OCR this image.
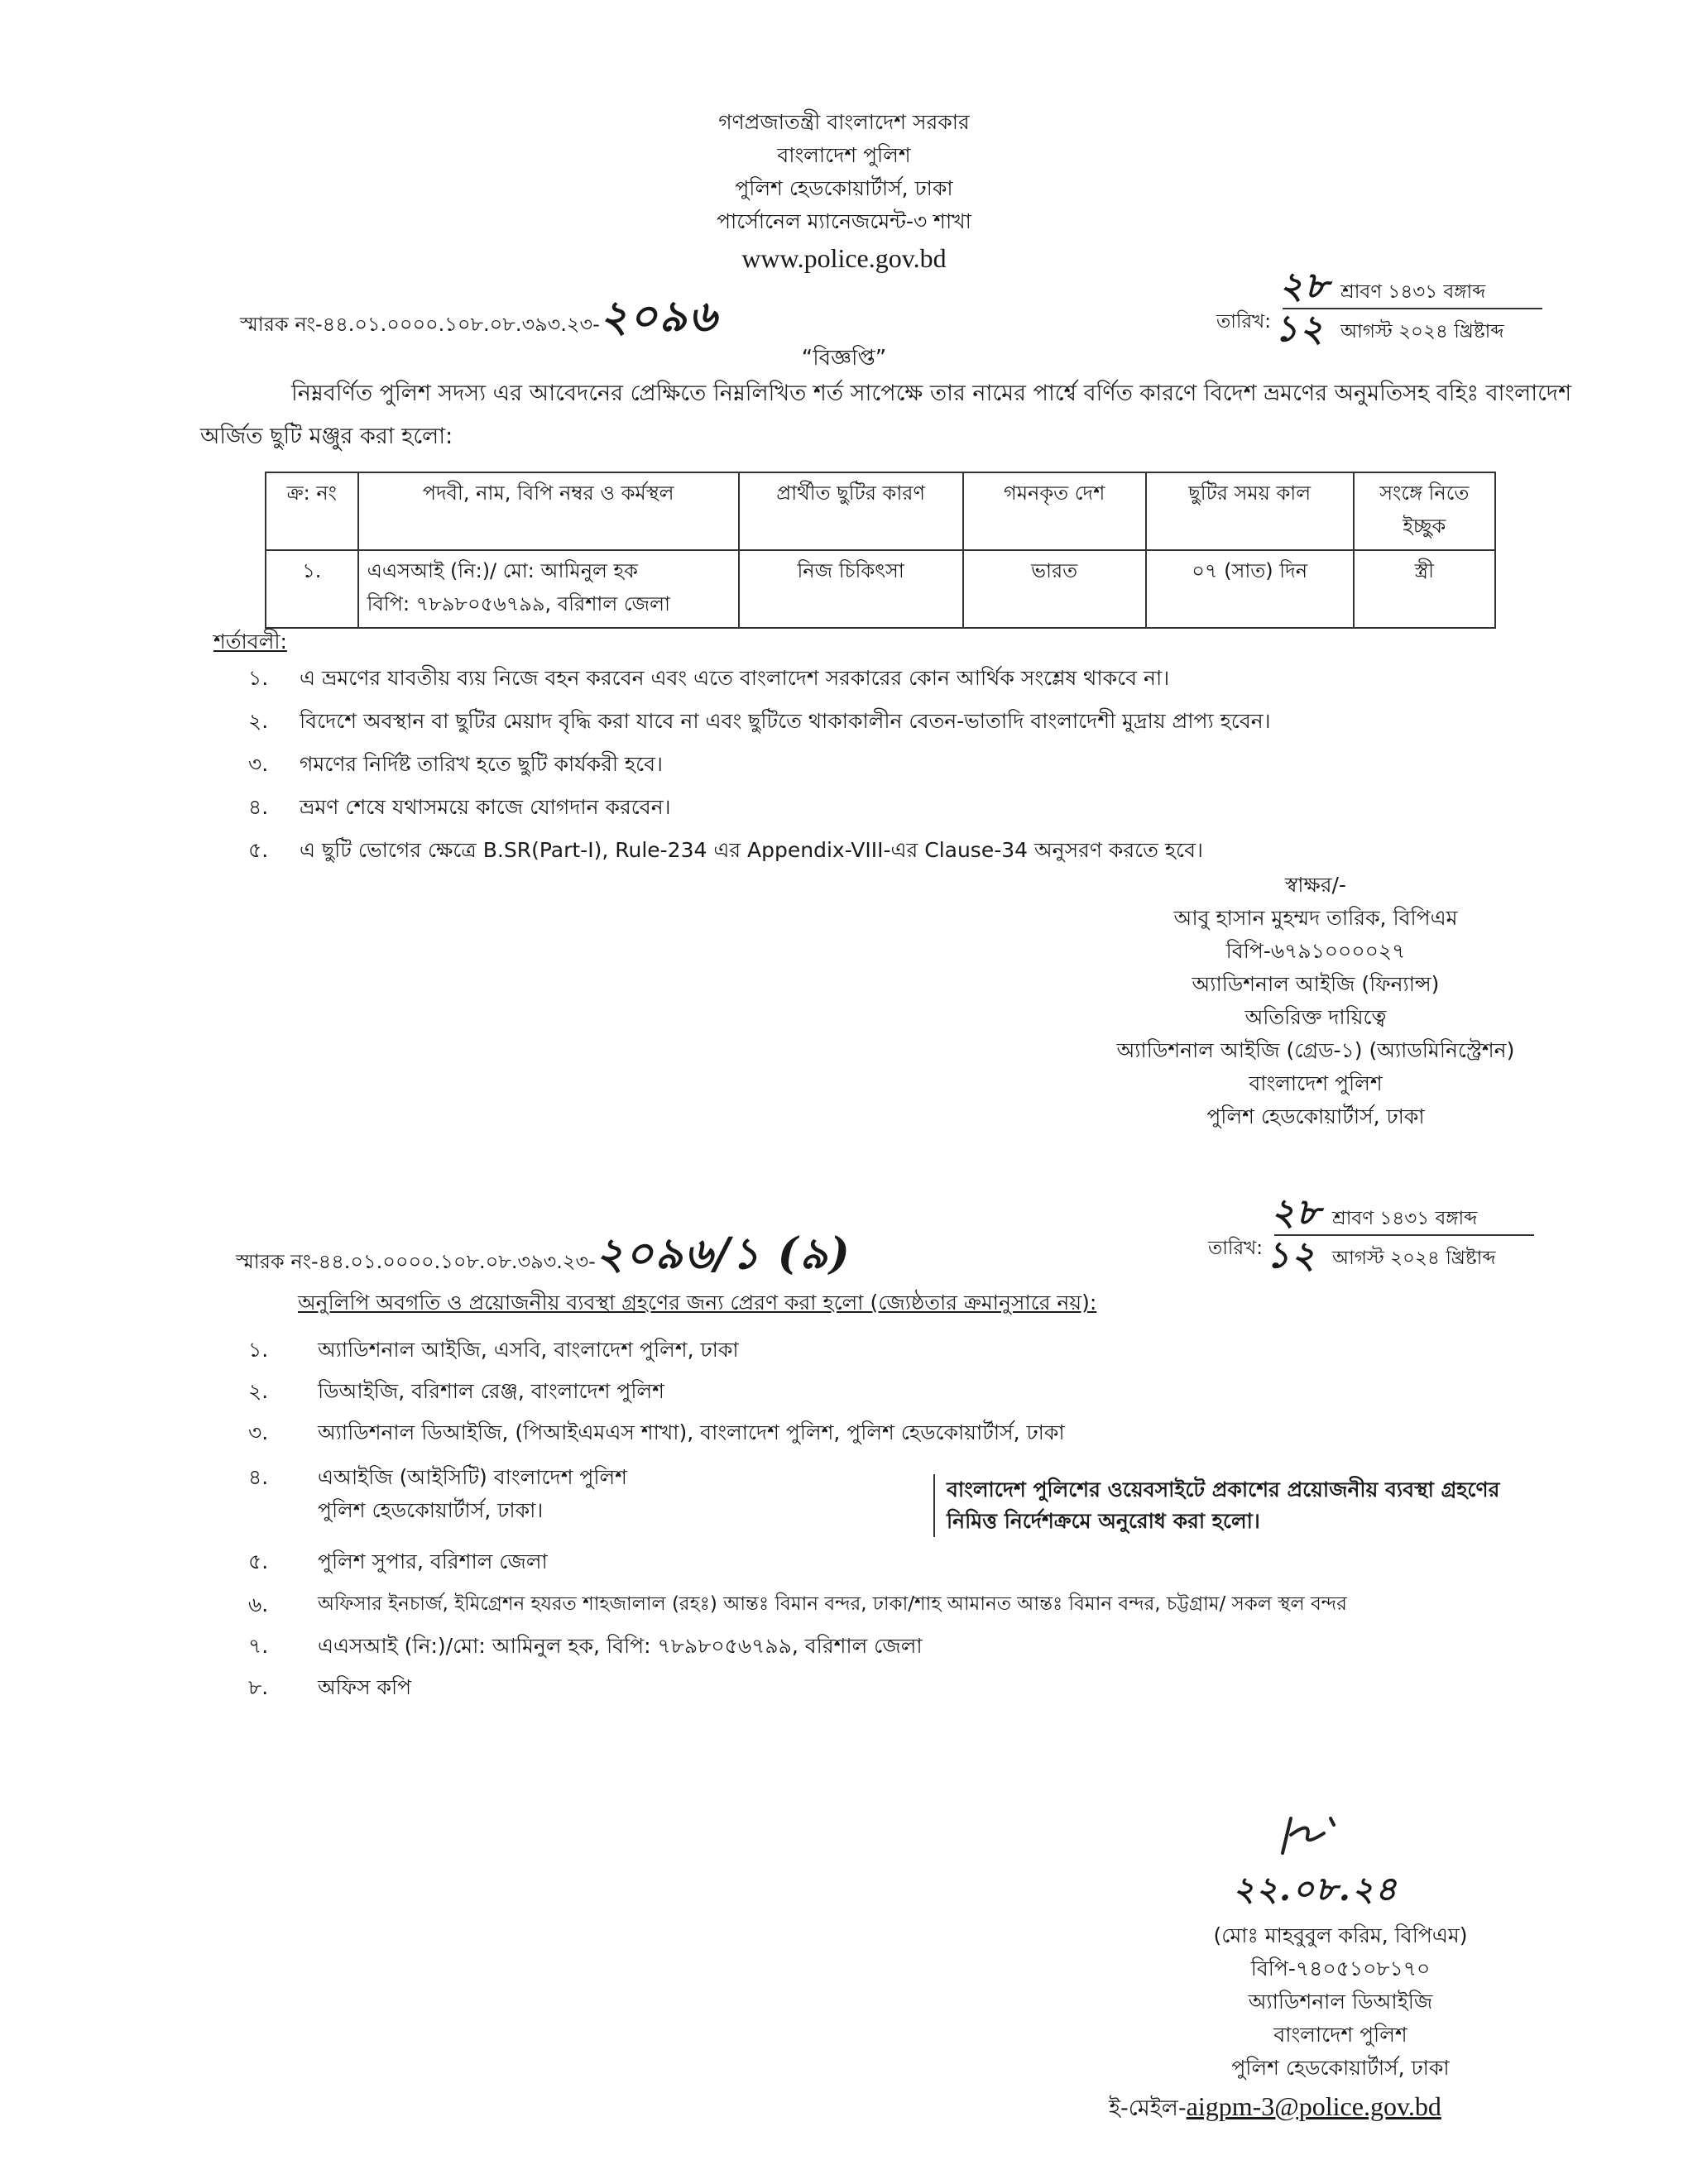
গণপ্রজাতন্ত্রী বাংলাদেশ সরকার
বাংলাদেশ পুলিশ
পুলিশ হেডকোয়ার্টার্স, ঢাকা
পার্সোনেল ম্যানেজমেন্ট-৩ শাখা
www.police.gov.bd
স্মারক নং-৪৪.০১.০০০০.১০৮.০৮.৩৯৩.২৩-২০৯৬	তারিখ:
২৮ শ্রাবণ ১৪৩১ বঙ্গাব্দ
১২ আগস্ট ২০২৪ খ্রিষ্টাব্দ
“বিজ্ঞপ্তি”
নিম্নবর্ণিত পুলিশ সদস্য এর আবেদনের প্রেক্ষিতে নিম্নলিখিত শর্ত সাপেক্ষে তার নামের পার্শ্বে বর্ণিত কারণে বিদেশ ভ্রমণের অনুমতিসহ বহিঃ বাংলাদেশ
অর্জিত ছুটি মঞ্জুর করা হলো:
ক্র: নং	পদবী, নাম, বিপি নম্বর ও কর্মস্থল	প্রার্থীত ছুটির কারণ	গমনকৃত দেশ	ছুটির সময় কাল	সংঙ্গে নিতে ইচ্ছুক
১.	এএসআই (নি:)/ মো: আমিনুল হক
বিপি: ৭৮৯৮০৫৬৭৯৯, বরিশাল জেলা	নিজ চিকিৎসা	ভারত	০৭ (সাত) দিন	স্ত্রী
শর্তাবলী:
১. এ ভ্রমণের যাবতীয় ব্যয় নিজে বহন করবেন এবং এতে বাংলাদেশ সরকারের কোন আর্থিক সংশ্লেষ থাকবে না।
২. বিদেশে অবস্থান বা ছুটির মেয়াদ বৃদ্ধি করা যাবে না এবং ছুটিতে থাকাকালীন বেতন-ভাতাদি বাংলাদেশী মুদ্রায় প্রাপ্য হবেন।
৩. গমণের নির্দিষ্ট তারিখ হতে ছুটি কার্যকরী হবে।
৪. ভ্রমণ শেষে যথাসময়ে কাজে যোগদান করবেন।
৫. এ ছুটি ভোগের ক্ষেত্রে B.SR(Part-I), Rule-234 এর Appendix-VIII-এর Clause-34 অনুসরণ করতে হবে।
স্বাক্ষর/-
আবু হাসান মুহম্মদ তারিক, বিপিএম
বিপি-৬৭৯১০০০০২৭
অ্যাডিশনাল আইজি (ফিন্যান্স)
অতিরিক্ত দায়িত্বে
অ্যাডিশনাল আইজি (গ্রেড-১) (অ্যাডমিনিস্ট্রেশন)
বাংলাদেশ পুলিশ
পুলিশ হেডকোয়ার্টার্স, ঢাকা
স্মারক নং-৪৪.০১.০০০০.১০৮.০৮.৩৯৩.২৩-২০৯৬/১ (৯)	তারিখ:
২৮ শ্রাবণ ১৪৩১ বঙ্গাব্দ
১২ আগস্ট ২০২৪ খ্রিষ্টাব্দ
অনুলিপি অবগতি ও প্রয়োজনীয় ব্যবস্থা গ্রহণের জন্য প্রেরণ করা হলো (জ্যেষ্ঠতার ক্রমানুসারে নয়):
১. অ্যাডিশনাল আইজি, এসবি, বাংলাদেশ পুলিশ, ঢাকা
২. ডিআইজি, বরিশাল রেঞ্জ, বাংলাদেশ পুলিশ
৩. অ্যাডিশনাল ডিআইজি, (পিআইএমএস শাখা), বাংলাদেশ পুলিশ, পুলিশ হেডকোয়ার্টার্স, ঢাকা
৪. এআইজি (আইসিটি) বাংলাদেশ পুলিশ
পুলিশ হেডকোয়ার্টার্স, ঢাকা।
৫. পুলিশ সুপার, বরিশাল জেলা
৬.	অফিসার ইনচার্জ, ইমিগ্রেশন হযরত শাহজালাল (রহঃ) আন্তঃ বিমান বন্দর, ঢাকা/শাহ আমানত আন্তঃ বিমান বন্দর, চট্টগ্রাম/ সকল স্থল বন্দর
৭. এএসআই (নি:)/মো: আমিনুল হক, বিপি: ৭৮৯৮০৫৬৭৯৯, বরিশাল জেলা
৮. অফিস কপি
বাংলাদেশ পুলিশের ওয়েবসাইটে প্রকাশের প্রয়োজনীয় ব্যবস্থা গ্রহণের
নিমিত্ত নির্দেশক্রমে অনুরোধ করা হলো।
২২.০৮.২৪
(মোঃ মাহবুবুল করিম, বিপিএম)
বিপি-৭৪০৫১০৮১৭০
অ্যাডিশনাল ডিআইজি
বাংলাদেশ পুলিশ
পুলিশ হেডকোয়ার্টার্স, ঢাকা
ই-মেইল-aigpm-3@police.gov.bd
